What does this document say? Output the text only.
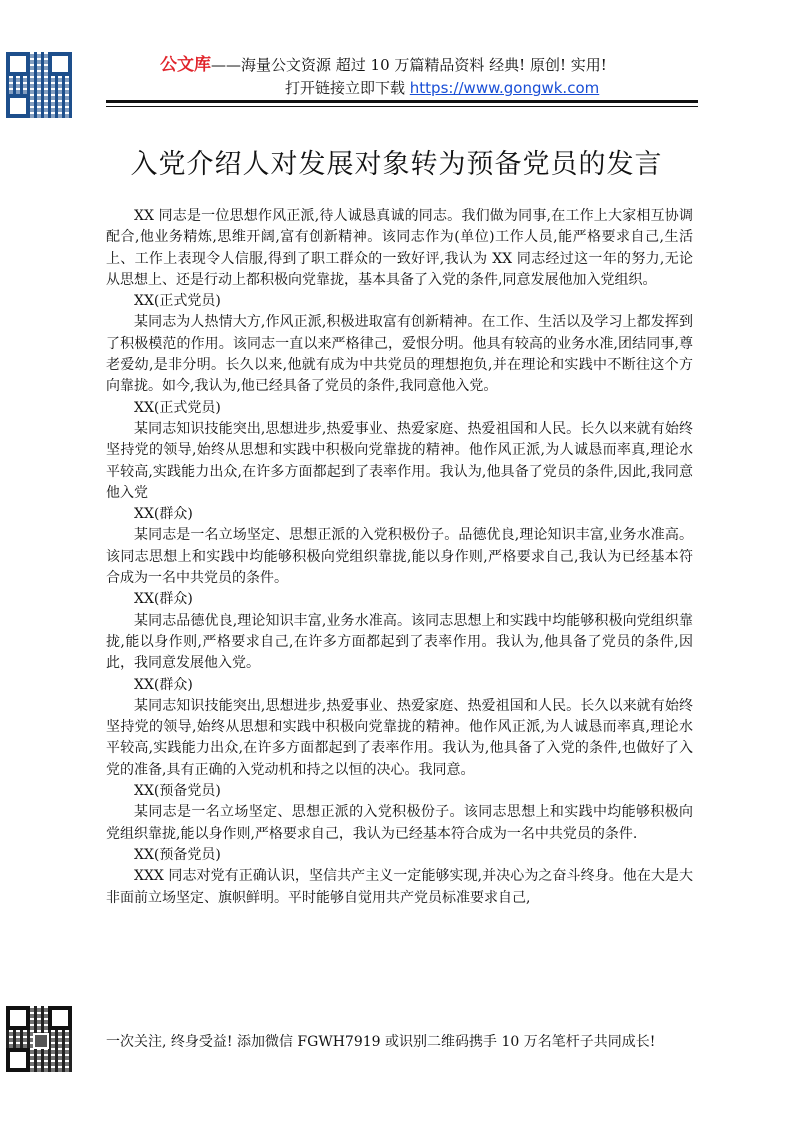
公文库——海量公文资源 超过 10 万篇精品资料 经典! 原创! 实用!
打开链接立即下载 https://www.gongwk.com
入党介绍人对发展对象转为预备党员的发言

XX 同志是一位思想作风正派,待人诚恳真诚的同志。我们做为同事,在工作上大家相互协调配合,他业务精炼,思维开阔,富有创新精神。该同志作为(单位)工作人员,能严格要求自己,生活上、工作上表现令人信服,得到了职工群众的一致好评,我认为 XX 同志经过这一年的努力,无论从思想上、还是行动上都积极向党靠拢，基本具备了入党的条件,同意发展他加入党组织。

XX(正式党员)

某同志为人热情大方,作风正派,积极进取富有创新精神。在工作、生活以及学习上都发挥到了积极模范的作用。该同志一直以来严格律己，爱恨分明。他具有较高的业务水准,团结同事,尊老爱幼,是非分明。长久以来,他就有成为中共党员的理想抱负,并在理论和实践中不断往这个方向靠拢。如今,我认为,他已经具备了党员的条件,我同意他入党。

XX(正式党员)

某同志知识技能突出,思想进步,热爱事业、热爱家庭、热爱祖国和人民。长久以来就有始终坚持党的领导,始终从思想和实践中积极向党靠拢的精神。他作风正派,为人诚恳而率真,理论水平较高,实践能力出众,在许多方面都起到了表率作用。我认为,他具备了党员的条件,因此,我同意他入党

XX(群众)

某同志是一名立场坚定、思想正派的入党积极份子。品德优良,理论知识丰富,业务水准高。该同志思想上和实践中均能够积极向党组织靠拢,能以身作则,严格要求自己,我认为已经基本符合成为一名中共党员的条件。

XX(群众)

某同志品德优良,理论知识丰富,业务水准高。该同志思想上和实践中均能够积极向党组织靠拢,能以身作则,严格要求自己,在许多方面都起到了表率作用。我认为,他具备了党员的条件,因此，我同意发展他入党。

XX(群众)

某同志知识技能突出,思想进步,热爱事业、热爱家庭、热爱祖国和人民。长久以来就有始终坚持党的领导,始终从思想和实践中积极向党靠拢的精神。他作风正派,为人诚恳而率真,理论水平较高,实践能力出众,在许多方面都起到了表率作用。我认为,他具备了入党的条件,也做好了入党的准备,具有正确的入党动机和持之以恒的决心。我同意。

XX(预备党员)

某同志是一名立场坚定、思想正派的入党积极份子。该同志思想上和实践中均能够积极向党组织靠拢,能以身作则,严格要求自己，我认为已经基本符合成为一名中共党员的条件.

XX(预备党员)

XXX 同志对党有正确认识，坚信共产主义一定能够实现,并决心为之奋斗终身。他在大是大非面前立场坚定、旗帜鲜明。平时能够自觉用共产党员标准要求自己,

一次关注, 终身受益! 添加微信 FGWH7919 或识别二维码携手 10 万名笔杆子共同成长!
